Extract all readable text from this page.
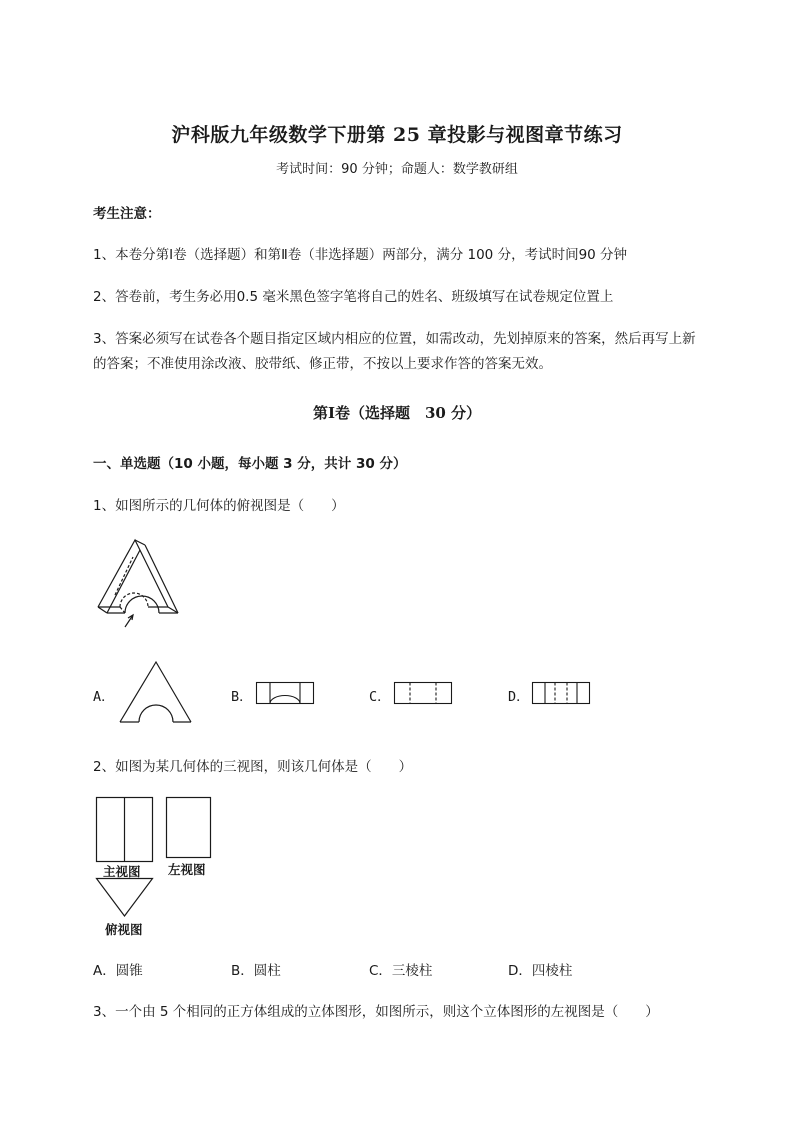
沪科版九年级数学下册第 25 章投影与视图章节练习
考试时间：90 分钟；命题人：数学教研组
考生注意：
1、本卷分第Ⅰ卷（选择题）和第Ⅱ卷（非选择题）两部分，满分 100 分，考试时间90 分钟
2、答卷前，考生务必用0.5 毫米黑色签字笔将自己的姓名、班级填写在试卷规定位置上
3、答案必须写在试卷各个题目指定区域内相应的位置，如需改动，先划掉原来的答案，然后再写上新
的答案；不准使用涂改液、胶带纸、修正带，不按以上要求作答的答案无效。
第Ⅰ卷（选择题　30 分）
一、单选题（10 小题，每小题 3 分，共计 30 分）
1、如图所示的几何体的俯视图是（　　）
A．	B．	C．	D．
2、如图为某几何体的三视图，则该几何体是（　　）
主视图 左视图
俯视图
A．圆锥	B．圆柱	C．三棱柱	D．四棱柱
3、一个由 5 个相同的正方体组成的立体图形，如图所示，则这个立体图形的左视图是（　　）
